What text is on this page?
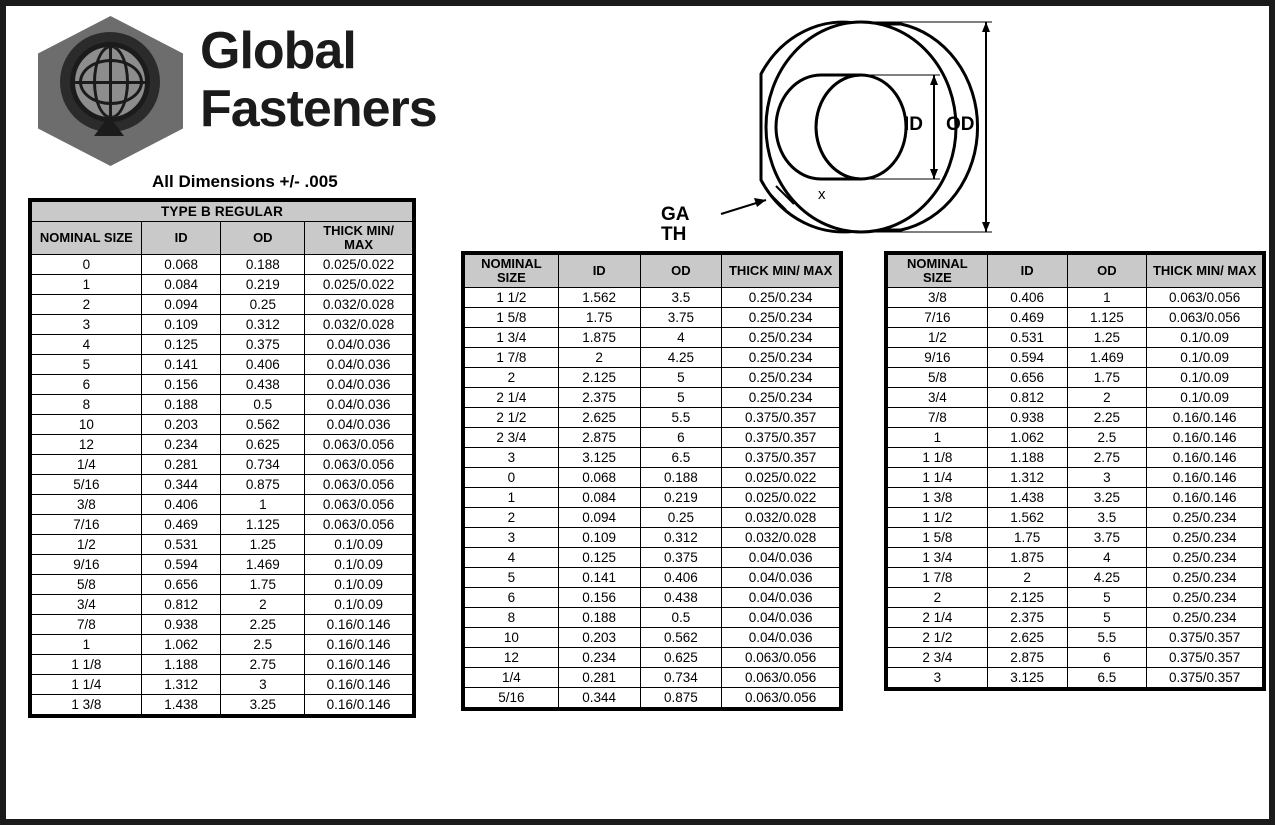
Global
Fasteners
All Dimensions +/- .005
ID OD
GA
TH
x
TYPE B REGULAR			
NOMINAL SIZE	ID	OD	THICK MIN/ MAX
0	0.068	0.188	0.025/0.022
1	0.084	0.219	0.025/0.022
2	0.094	0.25	0.032/0.028
3	0.109	0.312	0.032/0.028
4	0.125	0.375	0.04/0.036
5	0.141	0.406	0.04/0.036
6	0.156	0.438	0.04/0.036
8	0.188	0.5	0.04/0.036
10	0.203	0.562	0.04/0.036
12	0.234	0.625	0.063/0.056
1/4	0.281	0.734	0.063/0.056
5/16	0.344	0.875	0.063/0.056
3/8	0.406	1	0.063/0.056
7/16	0.469	1.125	0.063/0.056
1/2	0.531	1.25	0.1/0.09
9/16	0.594	1.469	0.1/0.09
5/8	0.656	1.75	0.1/0.09
3/4	0.812	2	0.1/0.09
7/8	0.938	2.25	0.16/0.146
1	1.062	2.5	0.16/0.146
1 1/8	1.188	2.75	0.16/0.146
1 1/4	1.312	3	0.16/0.146
1 3/8	1.438	3.25	0.16/0.146
NOMINAL SIZE	ID	OD	THICK MIN/ MAX
1 1/2	1.562	3.5	0.25/0.234
1 5/8	1.75	3.75	0.25/0.234
1 3/4	1.875	4	0.25/0.234
1 7/8	2	4.25	0.25/0.234
2	2.125	5	0.25/0.234
2 1/4	2.375	5	0.25/0.234
2 1/2	2.625	5.5	0.375/0.357
2 3/4	2.875	6	0.375/0.357
3	3.125	6.5	0.375/0.357
0	0.068	0.188	0.025/0.022
1	0.084	0.219	0.025/0.022
2	0.094	0.25	0.032/0.028
3	0.109	0.312	0.032/0.028
4	0.125	0.375	0.04/0.036
5	0.141	0.406	0.04/0.036
6	0.156	0.438	0.04/0.036
8	0.188	0.5	0.04/0.036
10	0.203	0.562	0.04/0.036
12	0.234	0.625	0.063/0.056
1/4	0.281	0.734	0.063/0.056
5/16	0.344	0.875	0.063/0.056
NOMINAL SIZE	ID	OD	THICK MIN/ MAX
3/8	0.406	1	0.063/0.056
7/16	0.469	1.125	0.063/0.056
1/2	0.531	1.25	0.1/0.09
9/16	0.594	1.469	0.1/0.09
5/8	0.656	1.75	0.1/0.09
3/4	0.812	2	0.1/0.09
7/8	0.938	2.25	0.16/0.146
1	1.062	2.5	0.16/0.146
1 1/8	1.188	2.75	0.16/0.146
1 1/4	1.312	3	0.16/0.146
1 3/8	1.438	3.25	0.16/0.146
1 1/2	1.562	3.5	0.25/0.234
1 5/8	1.75	3.75	0.25/0.234
1 3/4	1.875	4	0.25/0.234
1 7/8	2	4.25	0.25/0.234
2	2.125	5	0.25/0.234
2 1/4	2.375	5	0.25/0.234
2 1/2	2.625	5.5	0.375/0.357
2 3/4	2.875	6	0.375/0.357
3	3.125	6.5	0.375/0.357
